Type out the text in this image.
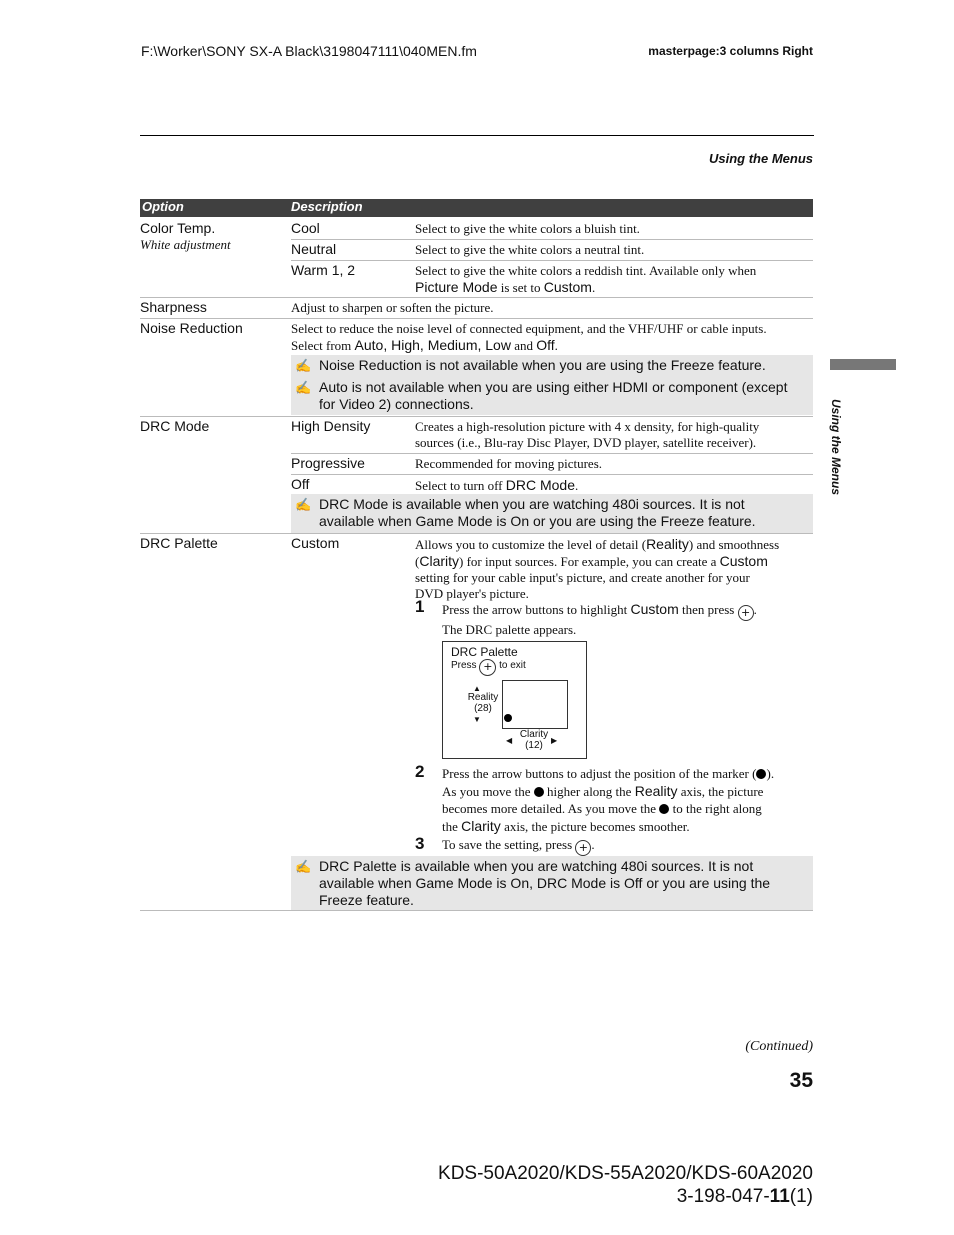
F:\Worker\SONY SX-A Black\3198047111\040MEN.fm	masterpage:3 columns Right
Using the Menus
Using the Menus
Option	Description
Color Temp.
White adjustment
Cool	Select to give the white colors a bluish tint.
Neutral	Select to give the white colors a neutral tint.
Warm 1, 2	Select to give the white colors a reddish tint. Available only when
Picture Mode is set to Custom.
Sharpness	Adjust to sharpen or soften the picture.
Noise Reduction	Select to reduce the noise level of connected equipment, and the VHF/UHF or cable inputs.
Select from Auto, High, Medium, Low and Off.
✍ Noise Reduction is not available when you are using the Freeze feature.
✍ Auto is not available when you are using either HDMI or component (except for Video 2) connections.
DRC Mode	High Density	Creates a high-resolution picture with 4 x density, for high-quality sources (i.e., Blu-ray Disc Player, DVD player, satellite receiver).
Progressive	Recommended for moving pictures.
Off	Select to turn off DRC Mode.
✍ DRC Mode is available when you are watching 480i sources. It is not available when Game Mode is On or you are using the Freeze feature.
DRC Palette	Custom	Allows you to customize the level of detail (Reality) and smoothness
(Clarity) for input sources. For example, you can create a Custom
setting for your cable input's picture, and create another for your
DVD player's picture.
1 Press the arrow buttons to highlight Custom then press + .
The DRC palette appears.
DRC Palette
Press + to exit
▲
Reality
(28)
▼
◀
Clarity
(12)	▶
2 Press the arrow buttons to adjust the position of the marker ( ).
As you move the  higher along the Reality axis, the picture
becomes more detailed. As you move the  to the right along
the Clarity axis, the picture becomes smoother.
3 To save the setting, press + .
✍ DRC Palette is available when you are watching 480i sources. It is not available when Game Mode is On, DRC Mode is Off or you are using the Freeze feature.
(Continued)
35
KDS-50A2020/KDS-55A2020/KDS-60A2020
3-198-047-11(1)
